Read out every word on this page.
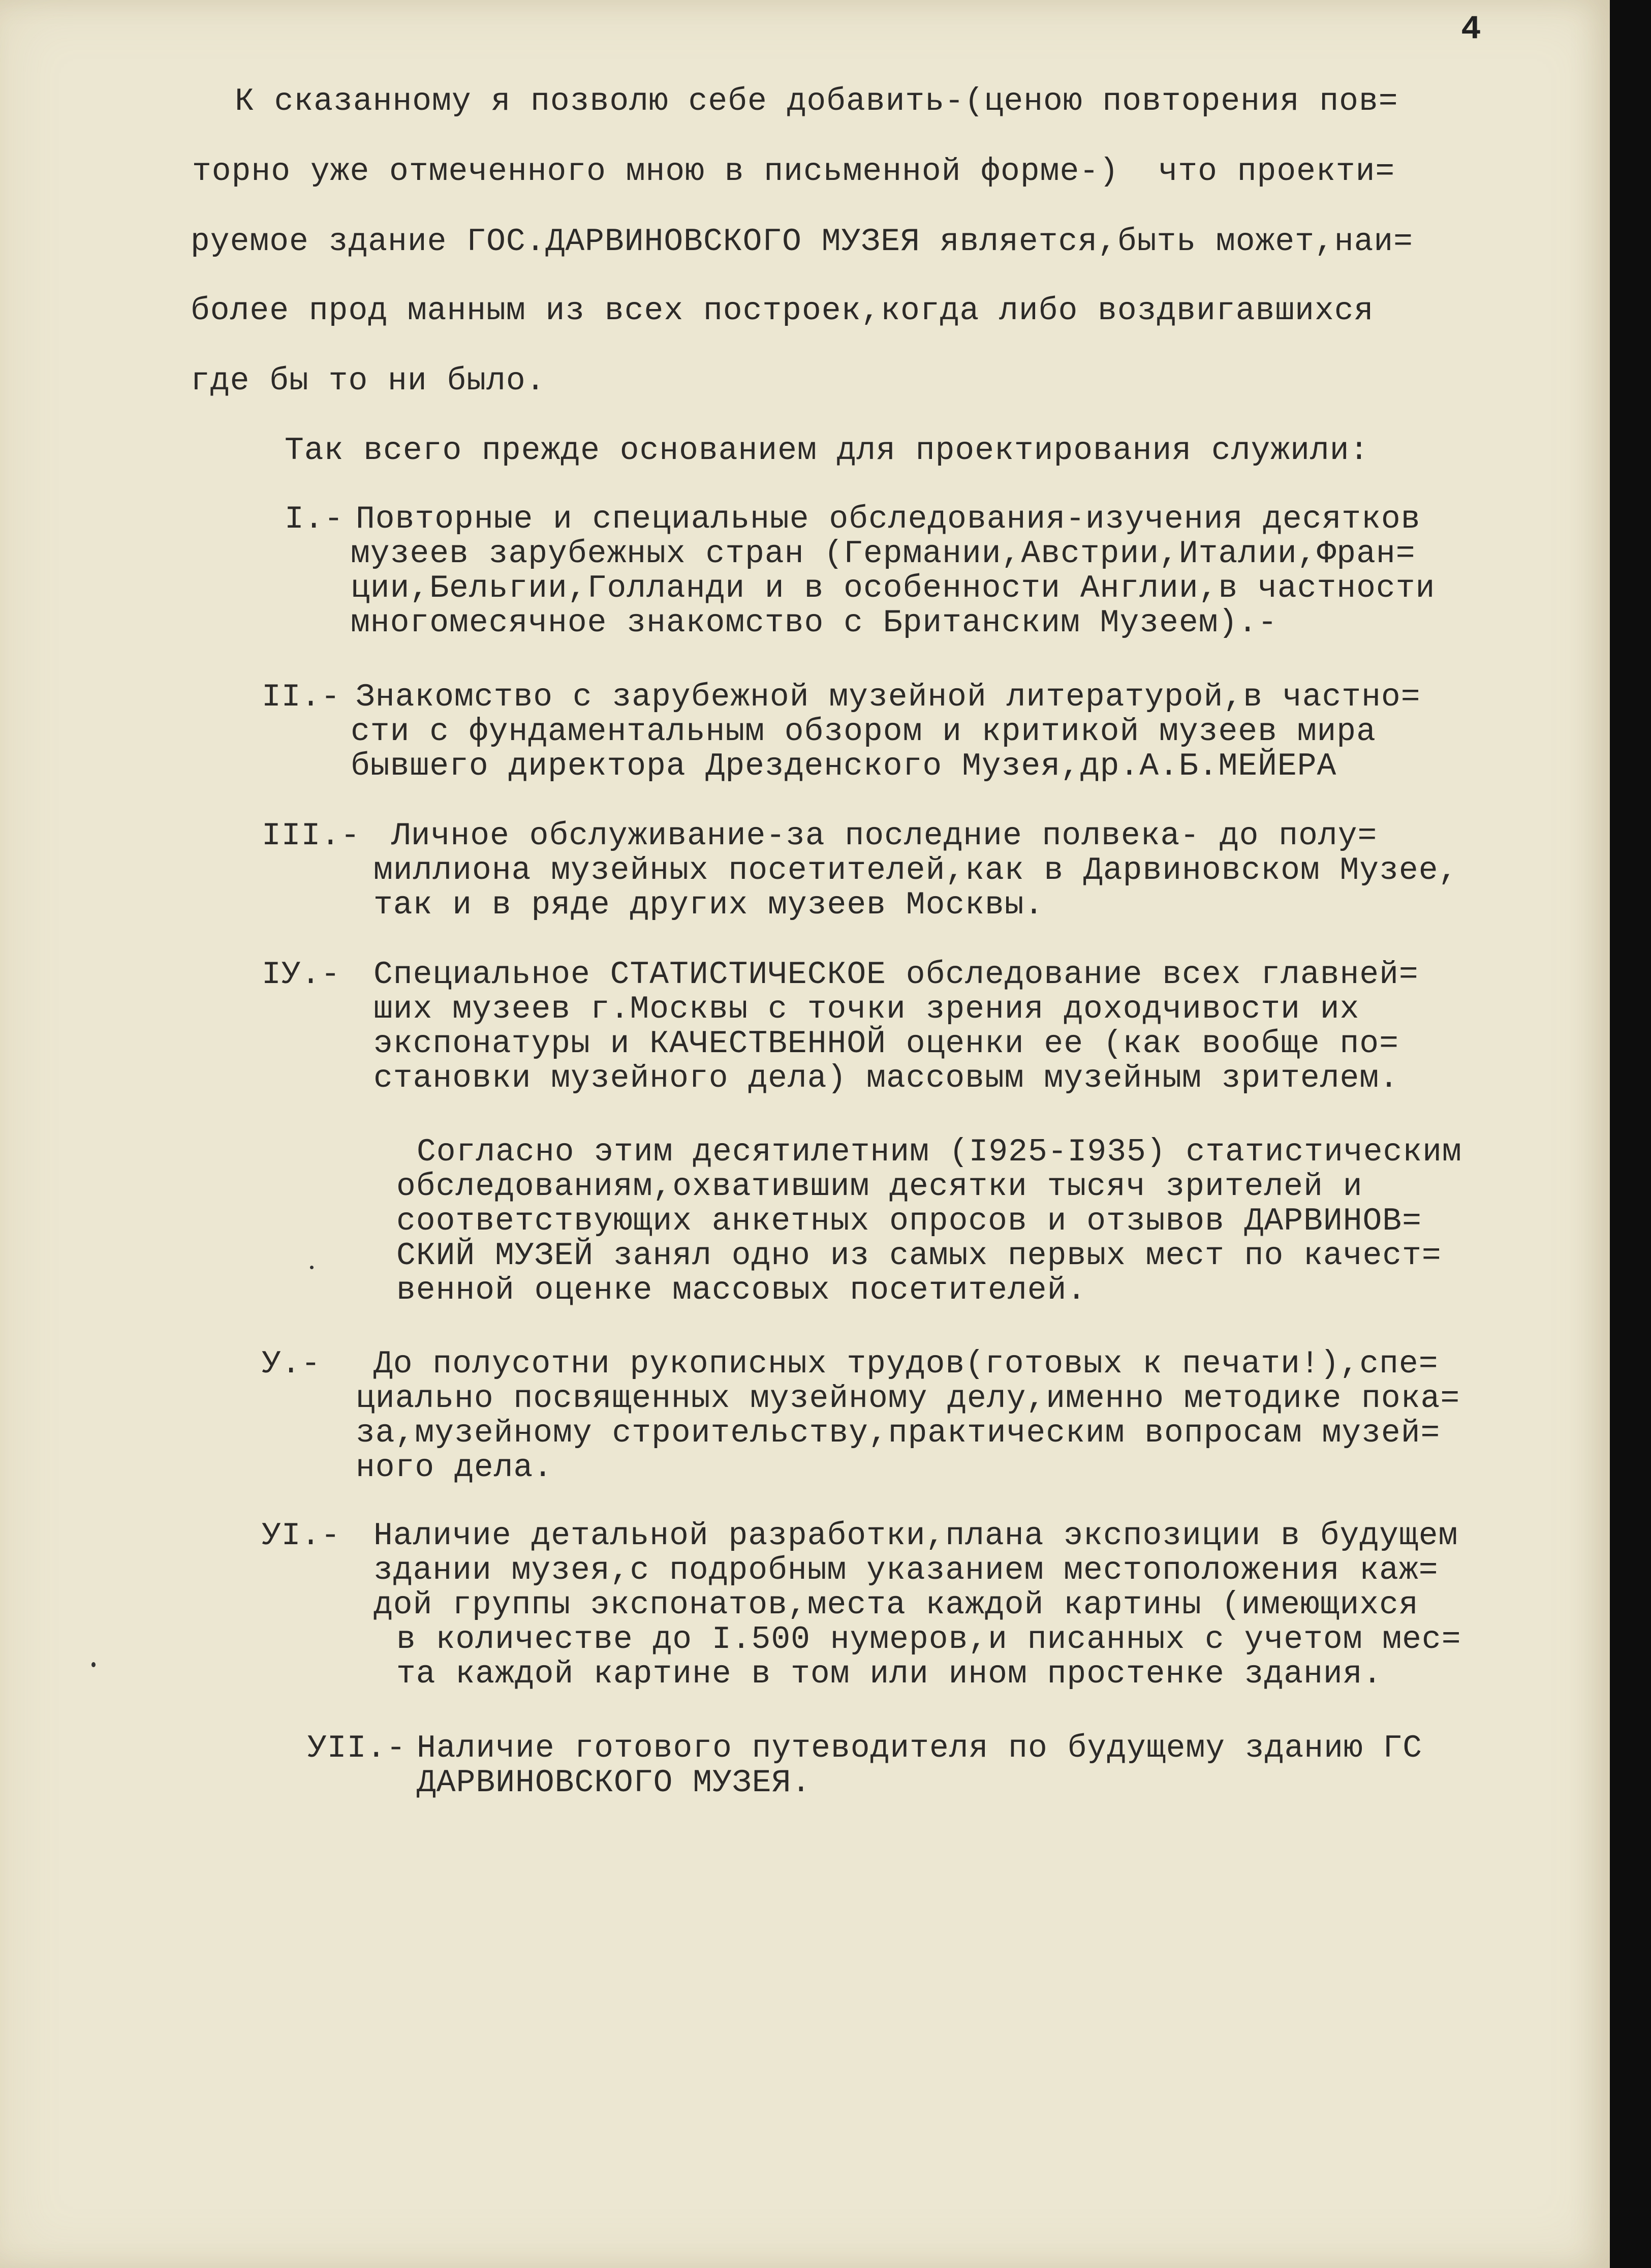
4
К сказанному я позволю себе добавить-(ценою повторения пов=
торно уже отмеченного мною в письменной форме-)  что проекти=
руемое здание ГОС.ДАРВИНОВСКОГО МУЗЕЯ является,быть может,наи=
более прод манным из всех построек,когда либо воздвигавшихся
где бы то ни было.
Так всего прежде основанием для проектирования служили:
I.- Повторные и специальные обследования-изучения десятков
музеев зарубежных стран (Германии,Австрии,Италии,Фран=
ции,Бельгии,Голланди и в особенности Англии,в частности
многомесячное знакомство с Британским Музеем).-
II.- Знакомство с зарубежной музейной литературой,в частно=
сти с фундаментальным обзором и критикой музеев мира
бывшего директора Дрезденского Музея,др.А.Б.МЕЙЕРА
III.- Личное обслуживание-за последние полвека- до полу=
миллиона музейных посетителей,как в Дарвиновском Музее,
так и в ряде других музеев Москвы.
IУ.- Специальное СТАТИСТИЧЕСКОЕ обследование всех главней=
ших музеев г.Москвы с точки зрения доходчивости их
экспонатуры и КАЧЕСТВЕННОЙ оценки ее (как вообще по=
становки музейного дела) массовым музейным зрителем.
Согласно этим десятилетним (I925-I935) статистическим
обследованиям,охватившим десятки тысяч зрителей и
соответствующих анкетных опросов и отзывов ДАРВИНОВ=
СКИЙ МУЗЕЙ занял одно из самых первых мест по качест=
венной оценке массовых посетителей.
У.- До полусотни рукописных трудов(готовых к печати!),спе=
циально посвященных музейному делу,именно методике пока=
за,музейному строительству,практическим вопросам музей=
ного дела.
УI.- Наличие детальной разработки,плана экспозиции в будущем
здании музея,с подробным указанием местоположения каж=
дой группы экспонатов,места каждой картины (имеющихся
в количестве до I.500 нумеров,и писанных с учетом мес=
та каждой картине в том или ином простенке здания.
УII.- Наличие готового путеводителя по будущему зданию ГС
ДАРВИНОВСКОГО МУЗЕЯ.
